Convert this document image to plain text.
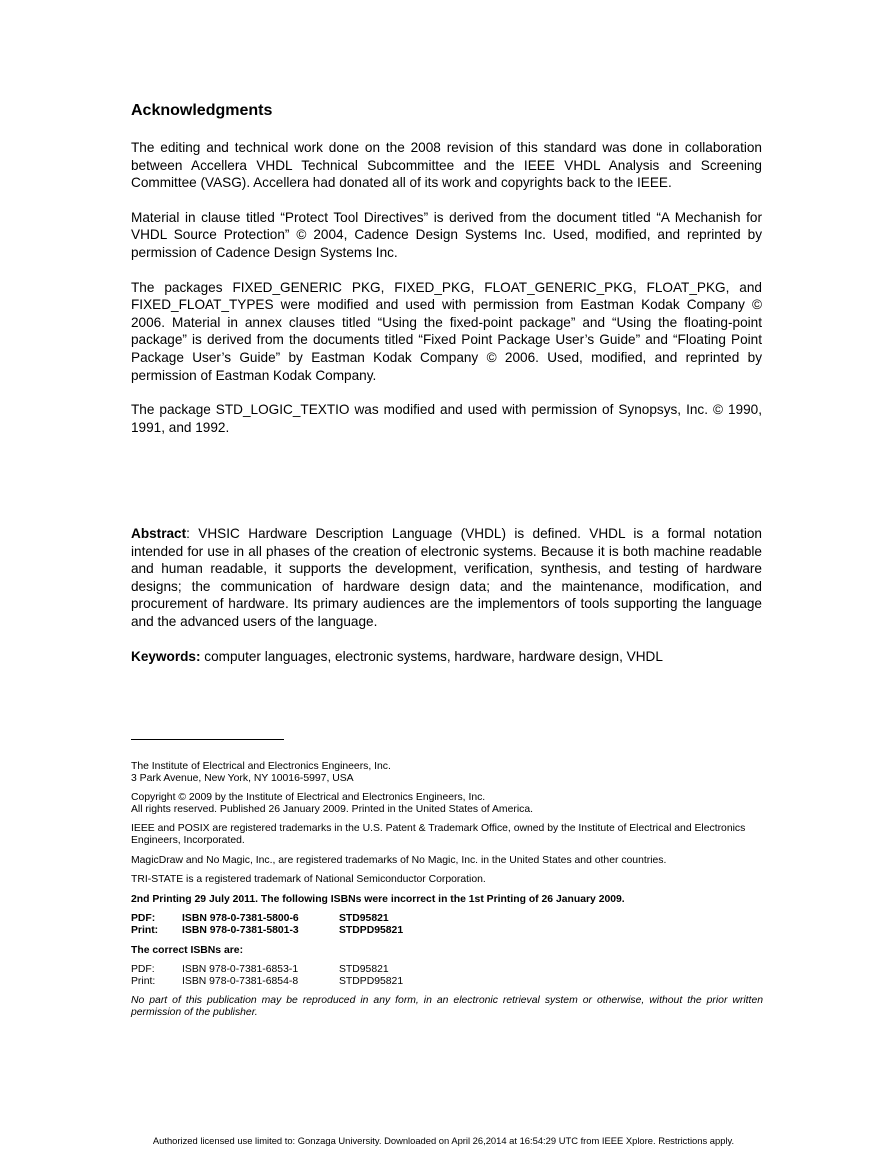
Acknowledgments

The editing and technical work done on the 2008 revision of this standard was done in collaboration between Accellera VHDL Technical Subcommittee and the IEEE VHDL Analysis and Screening Committee (VASG). Accellera had donated all of its work and copyrights back to the IEEE.

Material in clause titled “Protect Tool Directives” is derived from the document titled “A Mechanish for VHDL Source Protection” © 2004, Cadence Design Systems Inc. Used, modified, and reprinted by permission of Cadence Design Systems Inc.

The packages FIXED_GENERIC PKG, FIXED_PKG, FLOAT_GENERIC_PKG, FLOAT_PKG, and FIXED_FLOAT_TYPES were modified and used with permission from Eastman Kodak Company © 2006. Material in annex clauses titled “Using the fixed-point package” and “Using the floating-point package” is derived from the documents titled “Fixed Point Package User’s Guide” and “Floating Point Package User’s Guide” by Eastman Kodak Company © 2006. Used, modified, and reprinted by permission of Eastman Kodak Company.

The package STD_LOGIC_TEXTIO was modified and used with permission of Synopsys, Inc. © 1990, 1991, and 1992.

Abstract: VHSIC Hardware Description Language (VHDL) is defined. VHDL is a formal notation intended for use in all phases of the creation of electronic systems. Because it is both machine readable and human readable, it supports the development, verification, synthesis, and testing of hardware designs; the communication of hardware design data; and the maintenance, modification, and procurement of hardware. Its primary audiences are the implementors of tools supporting the language and the advanced users of the language.

Keywords: computer languages, electronic systems, hardware, hardware design, VHDL

The Institute of Electrical and Electronics Engineers, Inc.
3 Park Avenue, New York, NY 10016-5997, USA
Copyright © 2009 by the Institute of Electrical and Electronics Engineers, Inc.
All rights reserved. Published 26 January 2009. Printed in the United States of America.
IEEE and POSIX are registered trademarks in the U.S. Patent & Trademark Office, owned by the Institute of Electrical and Electronics Engineers, Incorporated.
MagicDraw and No Magic, Inc., are registered trademarks of No Magic, Inc. in the United States and other countries.
TRI-STATE is a registered trademark of National Semiconductor Corporation.
2nd Printing 29 July 2011. The following ISBNs were incorrect in the 1st Printing of 26 January 2009.
PDF:	ISBN 978-0-7381-5800-6	STD95821
Print:	ISBN 978-0-7381-5801-3	STDPD95821
The correct ISBNs are:
PDF:	ISBN 978-0-7381-6853-1	STD95821
Print:	ISBN 978-0-7381-6854-8	STDPD95821
No part of this publication may be reproduced in any form, in an electronic retrieval system or otherwise, without the prior written permission of the publisher.
Authorized licensed use limited to: Gonzaga University. Downloaded on April 26,2014 at 16:54:29 UTC from IEEE Xplore. Restrictions apply.
